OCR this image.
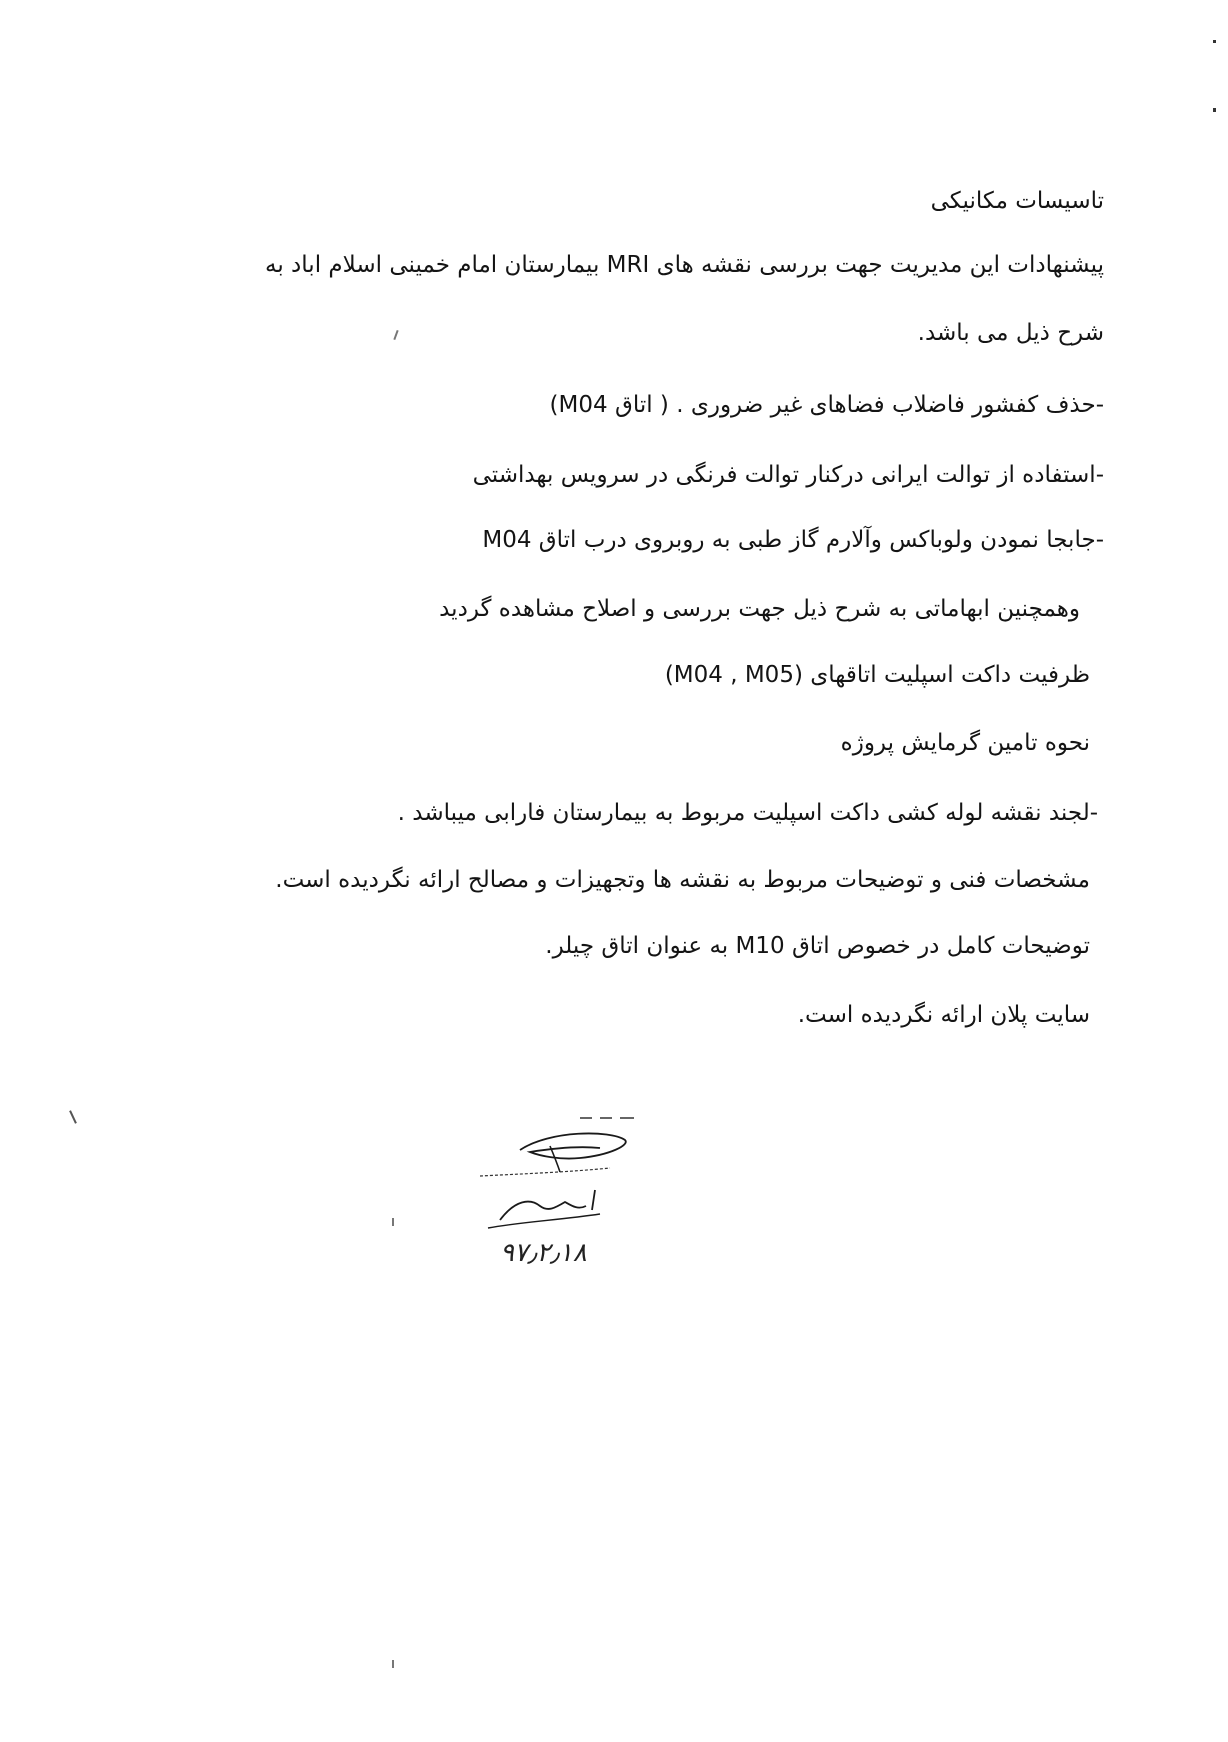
تاسیسات مکانیکی
پیشنهادات این مدیریت جهت بررسی نقشه های MRI بیمارستان امام خمینی اسلام اباد به
شرح ذیل می باشد.
-حذف کفشور فاضلاب فضاهای غیر ضروری . ( اتاق M04)
-استفاده از توالت ایرانی درکنار توالت فرنگی در سرویس بهداشتی
-جابجا نمودن ولوباکس وآلارم گاز طبی به روبروی درب اتاق M04
وهمچنین ابهاماتی به شرح ذیل جهت بررسی و اصلاح مشاهده گردید
ظرفیت داکت اسپلیت اتاقهای (M04 , M05)
نحوه تامین گرمایش پروژه
-لجند نقشه لوله کشی داکت اسپلیت مربوط به بیمارستان فارابی میباشد .
مشخصات فنی و توضیحات مربوط به نقشه ها وتجهیزات و مصالح ارائه نگردیده است.
توضیحات کامل در خصوص اتاق M10 به عنوان اتاق چیلر.
سایت پلان ارائه نگردیده است.
۹۷٫۲٫۱۸
